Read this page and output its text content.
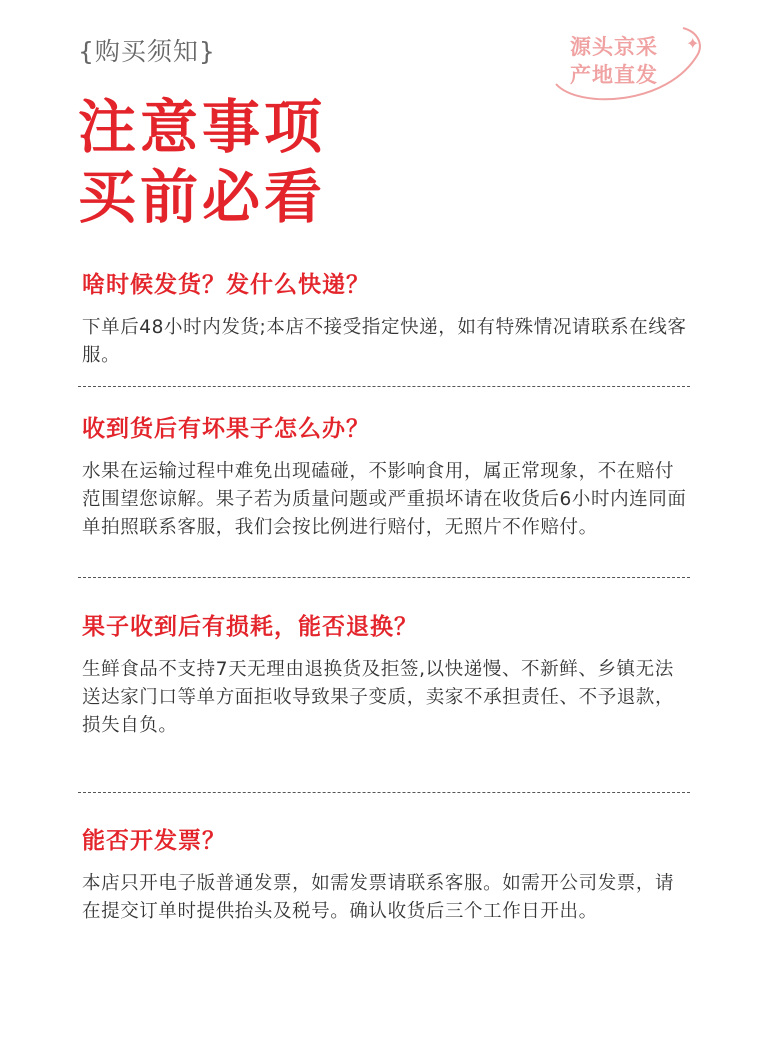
{购买须知}	源头京采
产地直发
✦
注意事项
买前必看
啥时候发货？发什么快递？
下单后48小时内发货;本店不接受指定快递，如有特殊情况请联系在线客服。
收到货后有坏果子怎么办？
水果在运输过程中难免出现磕碰，不影响食用，属正常现象，不在赔付范围望您谅解。果子若为质量问题或严重损坏请在收货后6小时内连同面单拍照联系客服，我们会按比例进行赔付，无照片不作赔付。
果子收到后有损耗，能否退换？
生鲜食品不支持7天无理由退换货及拒签,以快递慢、不新鲜、乡镇无法送达家门口等单方面拒收导致果子变质，卖家不承担责任、不予退款，损失自负。
能否开发票？
本店只开电子版普通发票，如需发票请联系客服。如需开公司发票，请在提交订单时提供抬头及税号。确认收货后三个工作日开出。
